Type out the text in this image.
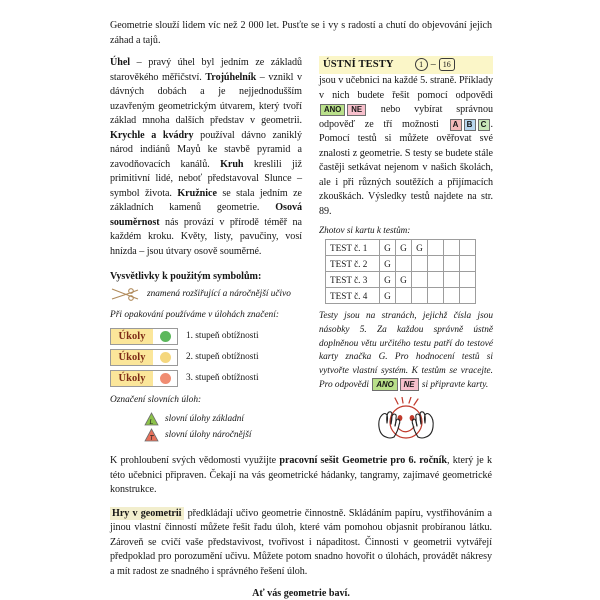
Geometrie slouží lidem víc než 2 000 let. Pusťte se i vy s radostí a chutí do objevování jejich záhad a tajů.

Úhel – pravý úhel byl jedním ze základů starověkého měřičství. Trojúhelník – vznikl v dávných dobách a je nejjednodušším uzavřeným geometrickým útvarem, který tvoří základ mnoha dalších představ v geometrii. Krychle a kvádry používal dávno zaniklý národ indiánů Mayů ke stavbě pyramid a zavodňovacích kanálů. Kruh kreslili již primitivní lidé, neboť představoval Slunce – symbol života. Kružnice se stala jedním ze základních kamenů geometrie. Osová souměrnost nás provází v přírodě téměř na každém kroku. Květy, listy, pavučiny, vosí hnízda – jsou útvary osově souměrné.

Vysvětlivky k použitým symbolům:
znamená rozšiřující a náročnější učivo
Při opakování používáme v úlohách značení:
Úkoly	1. stupeň obtížnosti
Úkoly	2. stupeň obtížnosti
Úkoly	3. stupeň obtížnosti
Označení slovních úloh:
L slovní úlohy základní
T slovní úlohy náročnější
ÚSTNÍ TESTY	1 – 16

jsou v učebnici na každé 5. straně. Příklady v nich budete řešit pomocí odpovědi ANO NE nebo vybírat správnou odpověď ze tří možnosti A B C . Pomocí testů si můžete ověřovat své znalosti z geometrie. S testy se budete stále častěji setkávat nejenom v našich školách, ale i při různých soutěžích a přijímacích zkouškách. Výsledky testů najdete na str. 89.

Zhotov si kartu k testům:
TEST č. 1	G	G	G			
TEST č. 2	G					
TEST č. 3	G	G				
TEST č. 4	G					

Testy jsou na stranách, jejichž čísla jsou násobky 5. Za každou správně ústně doplněnou větu určitého testu patří do testové karty značka G. Pro hodnocení testů si vytvořte vlastní systém. K testům se vracejte. Pro odpovědi ANO NE si připravte karty.

K prohloubení svých vědomosti využijte pracovní sešit Geometrie pro 6. ročník, který je k této učebnici připraven. Čekají na vás geometrické hádanky, tangramy, zajímavé geometrické konstrukce.

Hry v geometrii předkládají učivo geometrie činnostně. Skládáním papíru, vystřihováním a jinou vlastní činností můžete řešit řadu úloh, které vám pomohou objasnit probíranou látku. Zároveň se cvičí vaše představivost, tvořivost i nápaditost. Činnosti v geometrii vytvářejí předpoklad pro porozumění učivu. Můžete potom snadno hovořit o úlohách, provádět nákresy a mít radost ze snadného i správného řešení úloh.

Ať vás geometrie baví.
